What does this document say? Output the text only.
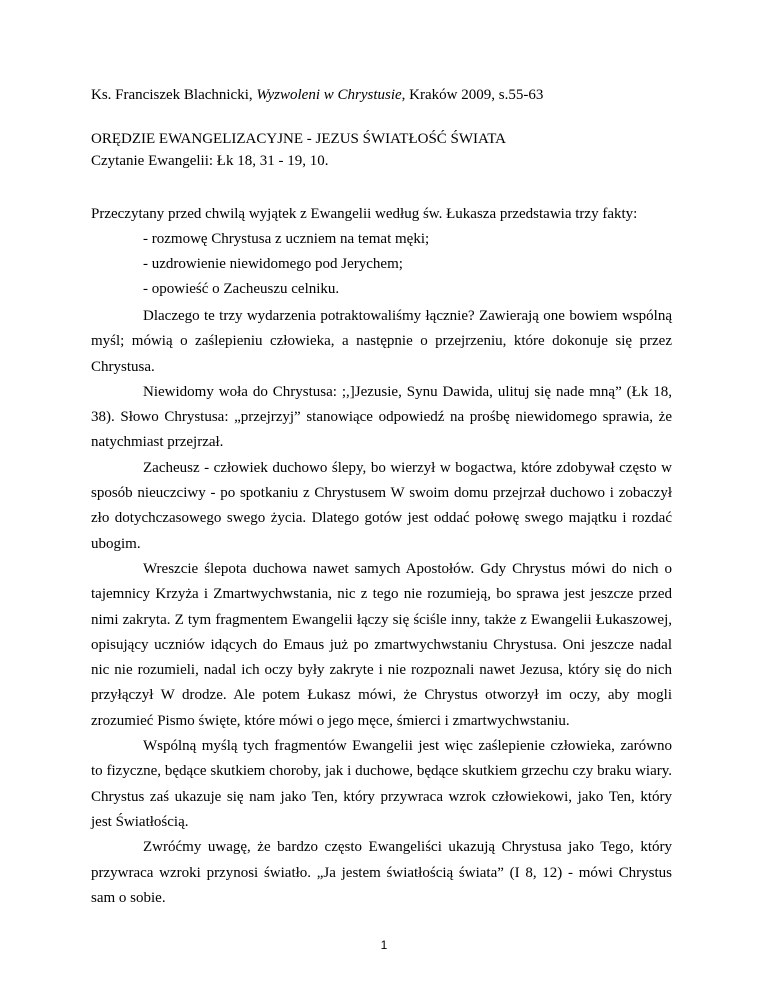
Ks. Franciszek Blachnicki, Wyzwoleni w Chrystusie, Kraków 2009, s.55-63

ORĘDZIE EWANGELIZACYJNE - JEZUS ŚWIATŁOŚĆ ŚWIATA

Czytanie Ewangelii: Łk 18, 31 - 19, 10.

Przeczytany przed chwilą wyjątek z Ewangelii według św. Łukasza przedstawia trzy fakty:

- rozmowę Chrystusa z uczniem na temat męki;
- uzdrowienie niewidomego pod Jerychem;
- opowieść o Zacheuszu celniku.

Dlaczego te trzy wydarzenia potraktowaliśmy łącznie? Zawierają one bowiem wspólną myśl; mówią o zaślepieniu człowieka, a następnie o przejrzeniu, które dokonuje się przez Chrystusa.

Niewidomy woła do Chrystusa: ;,]Jezusie, Synu Dawida, ulituj się nade mną” (Łk 18, 38). Słowo Chrystusa: „przejrzyj” stanowiące odpowiedź na prośbę niewidomego sprawia, że natychmiast przejrzał.

Zacheusz - człowiek duchowo ślepy, bo wierzył w bogactwa, które zdobywał często w sposób nieuczciwy - po spotkaniu z Chrystusem W swoim domu przejrzał duchowo i zobaczył zło dotychczasowego swego życia. Dlatego gotów jest oddać połowę swego majątku i rozdać ubogim.

Wreszcie ślepota duchowa nawet samych Apostołów. Gdy Chrystus mówi do nich o tajemnicy Krzyża i Zmartwychwstania, nic z tego nie rozumieją, bo sprawa jest jeszcze przed nimi zakryta. Z tym fragmentem Ewangelii łączy się ściśle inny, także z Ewangelii Łukaszowej, opisujący uczniów idących do Emaus już po zmartwychwstaniu Chrystusa. Oni jeszcze nadal nic nie rozumieli, nadal ich oczy były zakryte i nie rozpoznali nawet Jezusa, który się do nich przyłączył W drodze. Ale potem Łukasz mówi, że Chrystus otworzył im oczy, aby mogli zrozumieć Pismo święte, które mówi o jego męce, śmierci i zmartwychwstaniu.

Wspólną myślą tych fragmentów Ewangelii jest więc zaślepienie człowieka, zarówno to fizyczne, będące skutkiem choroby, jak i duchowe, będące skutkiem grzechu czy braku wiary. Chrystus zaś ukazuje się nam jako Ten, który przywraca wzrok człowiekowi, jako Ten, który jest Światłością.

Zwróćmy uwagę, że bardzo często Ewangeliści ukazują Chrystusa jako Tego, który przywraca wzroki przynosi światło. „Ja jestem światłością świata” (I 8, 12) - mówi Chrystus sam o sobie.

1
